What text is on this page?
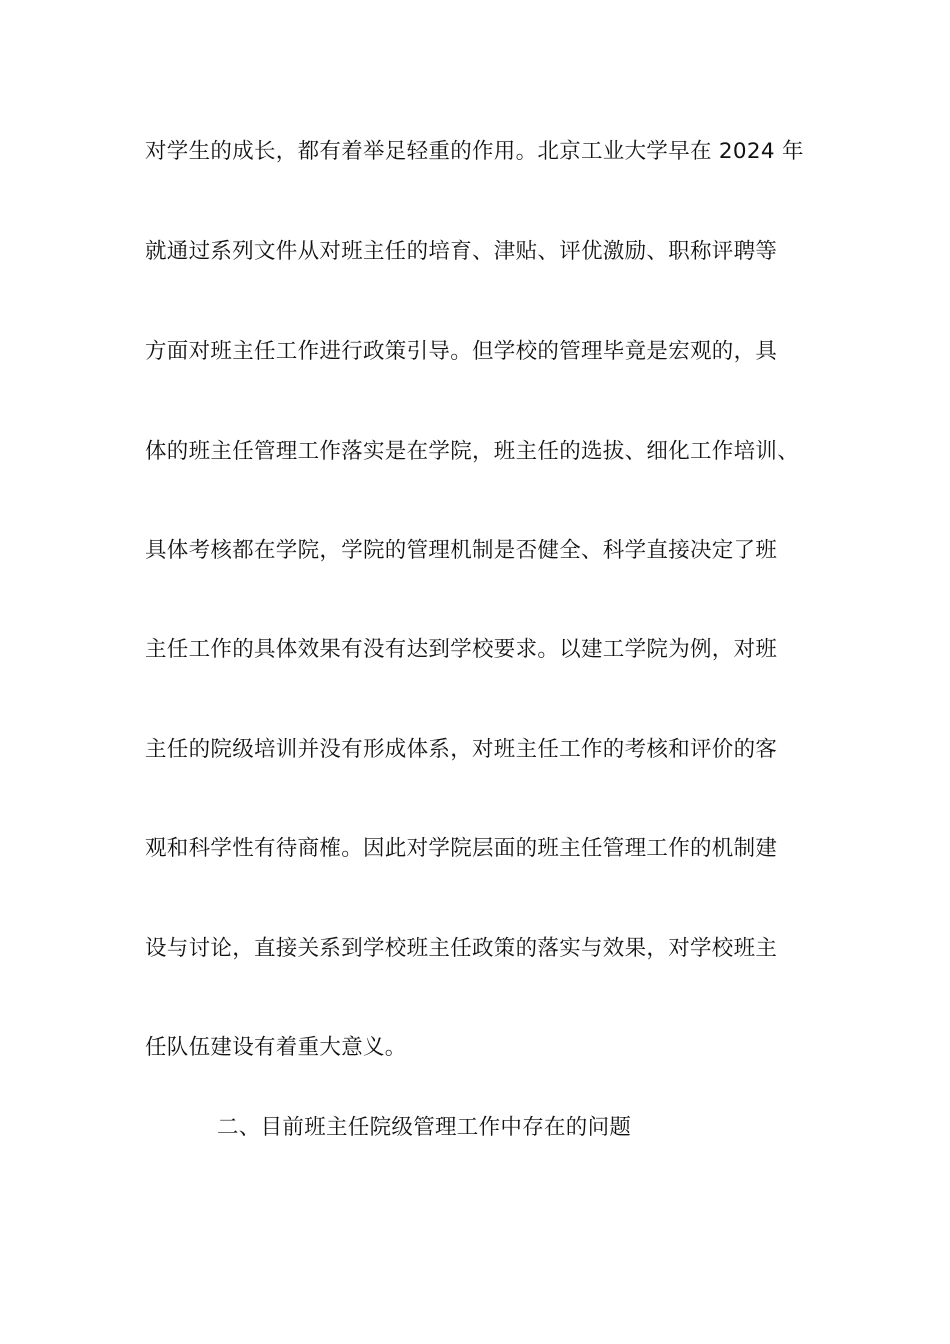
对学生的成长，都有着举足轻重的作用。北京工业大学早在 2024 年
就通过系列文件从对班主任的培育、津贴、评优激励、职称评聘等
方面对班主任工作进行政策引导。但学校的管理毕竟是宏观的，具
体的班主任管理工作落实是在学院，班主任的选拔、细化工作培训、
具体考核都在学院，学院的管理机制是否健全、科学直接决定了班
主任工作的具体效果有没有达到学校要求。以建工学院为例，对班
主任的院级培训并没有形成体系，对班主任工作的考核和评价的客
观和科学性有待商榷。因此对学院层面的班主任管理工作的机制建
设与讨论，直接关系到学校班主任政策的落实与效果，对学校班主
任队伍建设有着重大意义。
二、目前班主任院级管理工作中存在的问题
